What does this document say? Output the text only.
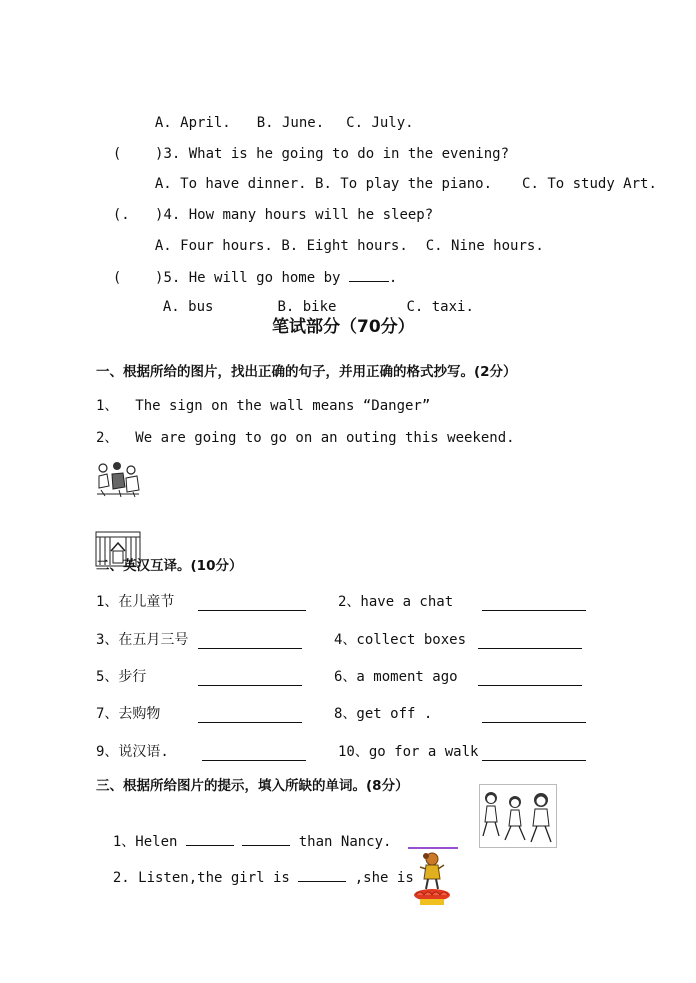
A. April. B. June. C. July.

(    )3. What is he going to do in the evening?

A. To have dinner. B. To play the piano. C. To study Art.

(.   )4. How many hours will he sleep?

A. Four hours. B. Eight hours. C. Nine hours.

(    )5. He will go home by	.

A. bus	B. bike	C. taxi.

笔试部分（70分）
一、根据所给的图片，找出正确的句子，并用正确的格式抄写。(2分）
1、  The sign on the wall means “Danger”
2、  We are going to go on an outing this weekend.
二、英汉互译。(10分）
1、在儿童节	2、have a chat
3、在五月三号	4、collect boxes
5、步行	6、a moment ago
7、去购物	8、get off .
9、说汉语.	10、go for a walk
三、根据所给图片的提示，填入所缺的单词。(8分）

1、Helen	than Nancy.

2. Listen,the girl is	,she is
